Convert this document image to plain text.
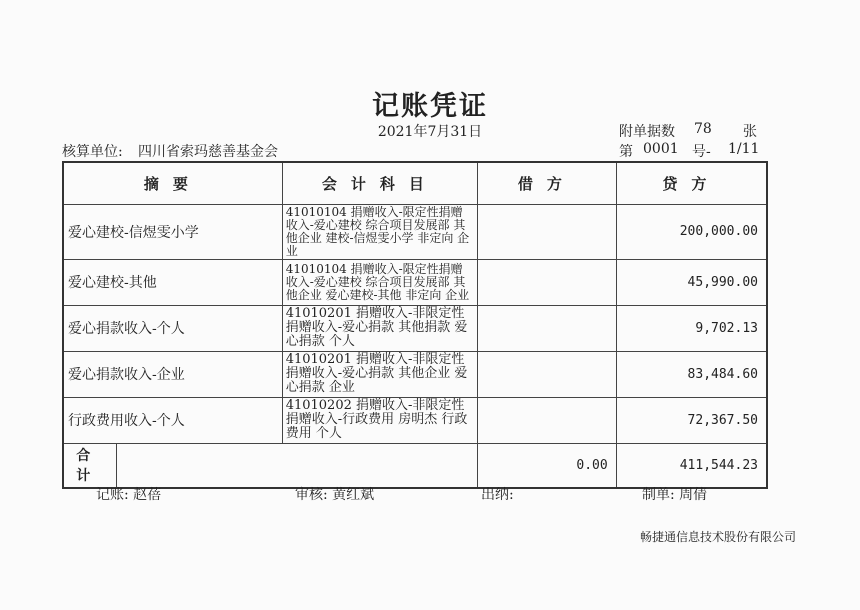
记账凭证
2021年7月31日	附单据数 78 张
核算单位: 四川省索玛慈善基金会	第 0001 号- 1/11
摘要		会计科目	借方	贷方
爱心建校-信煜雯小学		41010104 捐赠收入-限定性捐赠收入-爱心建校 综合项目发展部 其他企业 建校-信煜雯小学 非定向 企业		200,000.00
爱心建校-其他		41010104 捐赠收入-限定性捐赠收入-爱心建校 综合项目发展部 其他企业 爱心建校-其他 非定向 企业		45,990.00
爱心捐款收入-个人		41010201 捐赠收入-非限定性捐赠收入-爱心捐款 其他捐款 爱心捐款 个人		9,702.13
爱心捐款收入-企业		41010201 捐赠收入-非限定性捐赠收入-爱心捐款 其他企业 爱心捐款 企业		83,484.60
行政费用收入-个人		41010202 捐赠收入-非限定性捐赠收入-行政费用 房明杰 行政费用 个人		72,367.50
合计			0.00	411,544.23
记账: 赵蓓	审核: 黄红斌	出纳:	制单: 周倩
畅捷通信息技术股份有限公司
